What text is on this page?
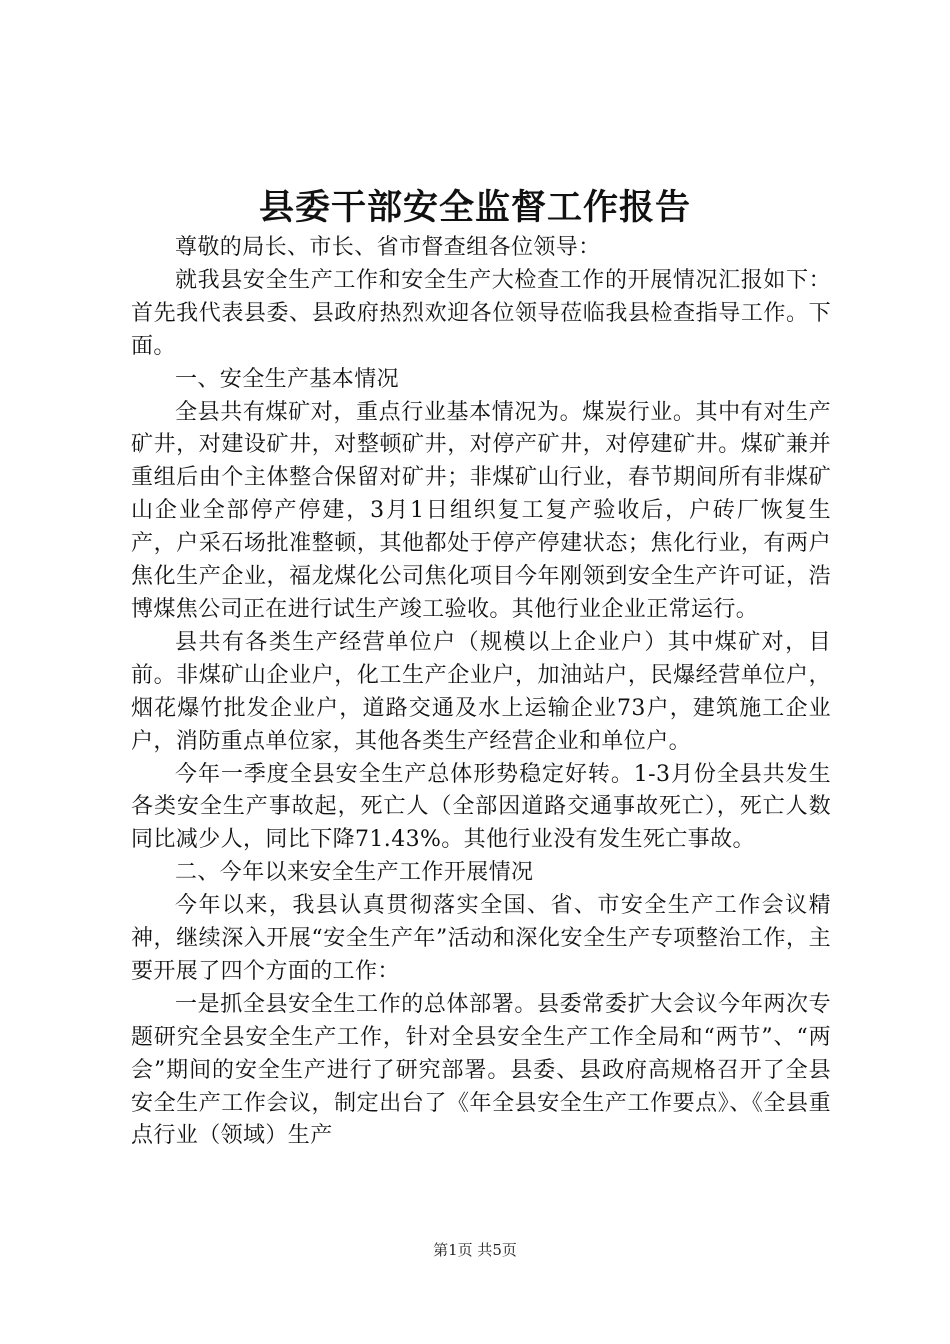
县委干部安全监督工作报告

尊敬的局长、市长、省市督查组各位领导：

就我县安全生产工作和安全生产大检查工作的开展情况汇报如下：首先我代表县委、县政府热烈欢迎各位领导莅临我县检查指导工作。下面。

一、安全生产基本情况

全县共有煤矿对，重点行业基本情况为。煤炭行业。其中有对生产矿井，对建设矿井，对整顿矿井，对停产矿井，对停建矿井。煤矿兼并重组后由个主体整合保留对矿井；非煤矿山行业，春节期间所有非煤矿山企业全部停产停建，3月1日组织复工复产验收后，户砖厂恢复生产，户采石场批准整顿，其他都处于停产停建状态；焦化行业，有两户焦化生产企业，福龙煤化公司焦化项目今年刚领到安全生产许可证，浩博煤焦公司正在进行试生产竣工验收。其他行业企业正常运行。

县共有各类生产经营单位户（规模以上企业户）其中煤矿对，目前。非煤矿山企业户，化工生产企业户，加油站户，民爆经营单位户，烟花爆竹批发企业户，道路交通及水上运输企业73户，建筑施工企业户，消防重点单位家，其他各类生产经营企业和单位户。

今年一季度全县安全生产总体形势稳定好转。1-3月份全县共发生各类安全生产事故起，死亡人（全部因道路交通事故死亡），死亡人数同比减少人，同比下降71.43%。其他行业没有发生死亡事故。

二、今年以来安全生产工作开展情况

今年以来，我县认真贯彻落实全国、省、市安全生产工作会议精神，继续深入开展“安全生产年”活动和深化安全生产专项整治工作，主要开展了四个方面的工作：

一是抓全县安全生工作的总体部署。县委常委扩大会议今年两次专题研究全县安全生产工作，针对全县安全生产工作全局和“两节”、“两会”期间的安全生产进行了研究部署。县委、县政府高规格召开了全县安全生产工作会议，制定出台了《年全县安全生产工作要点》、《全县重点行业（领域）生产

第1页 共5页
